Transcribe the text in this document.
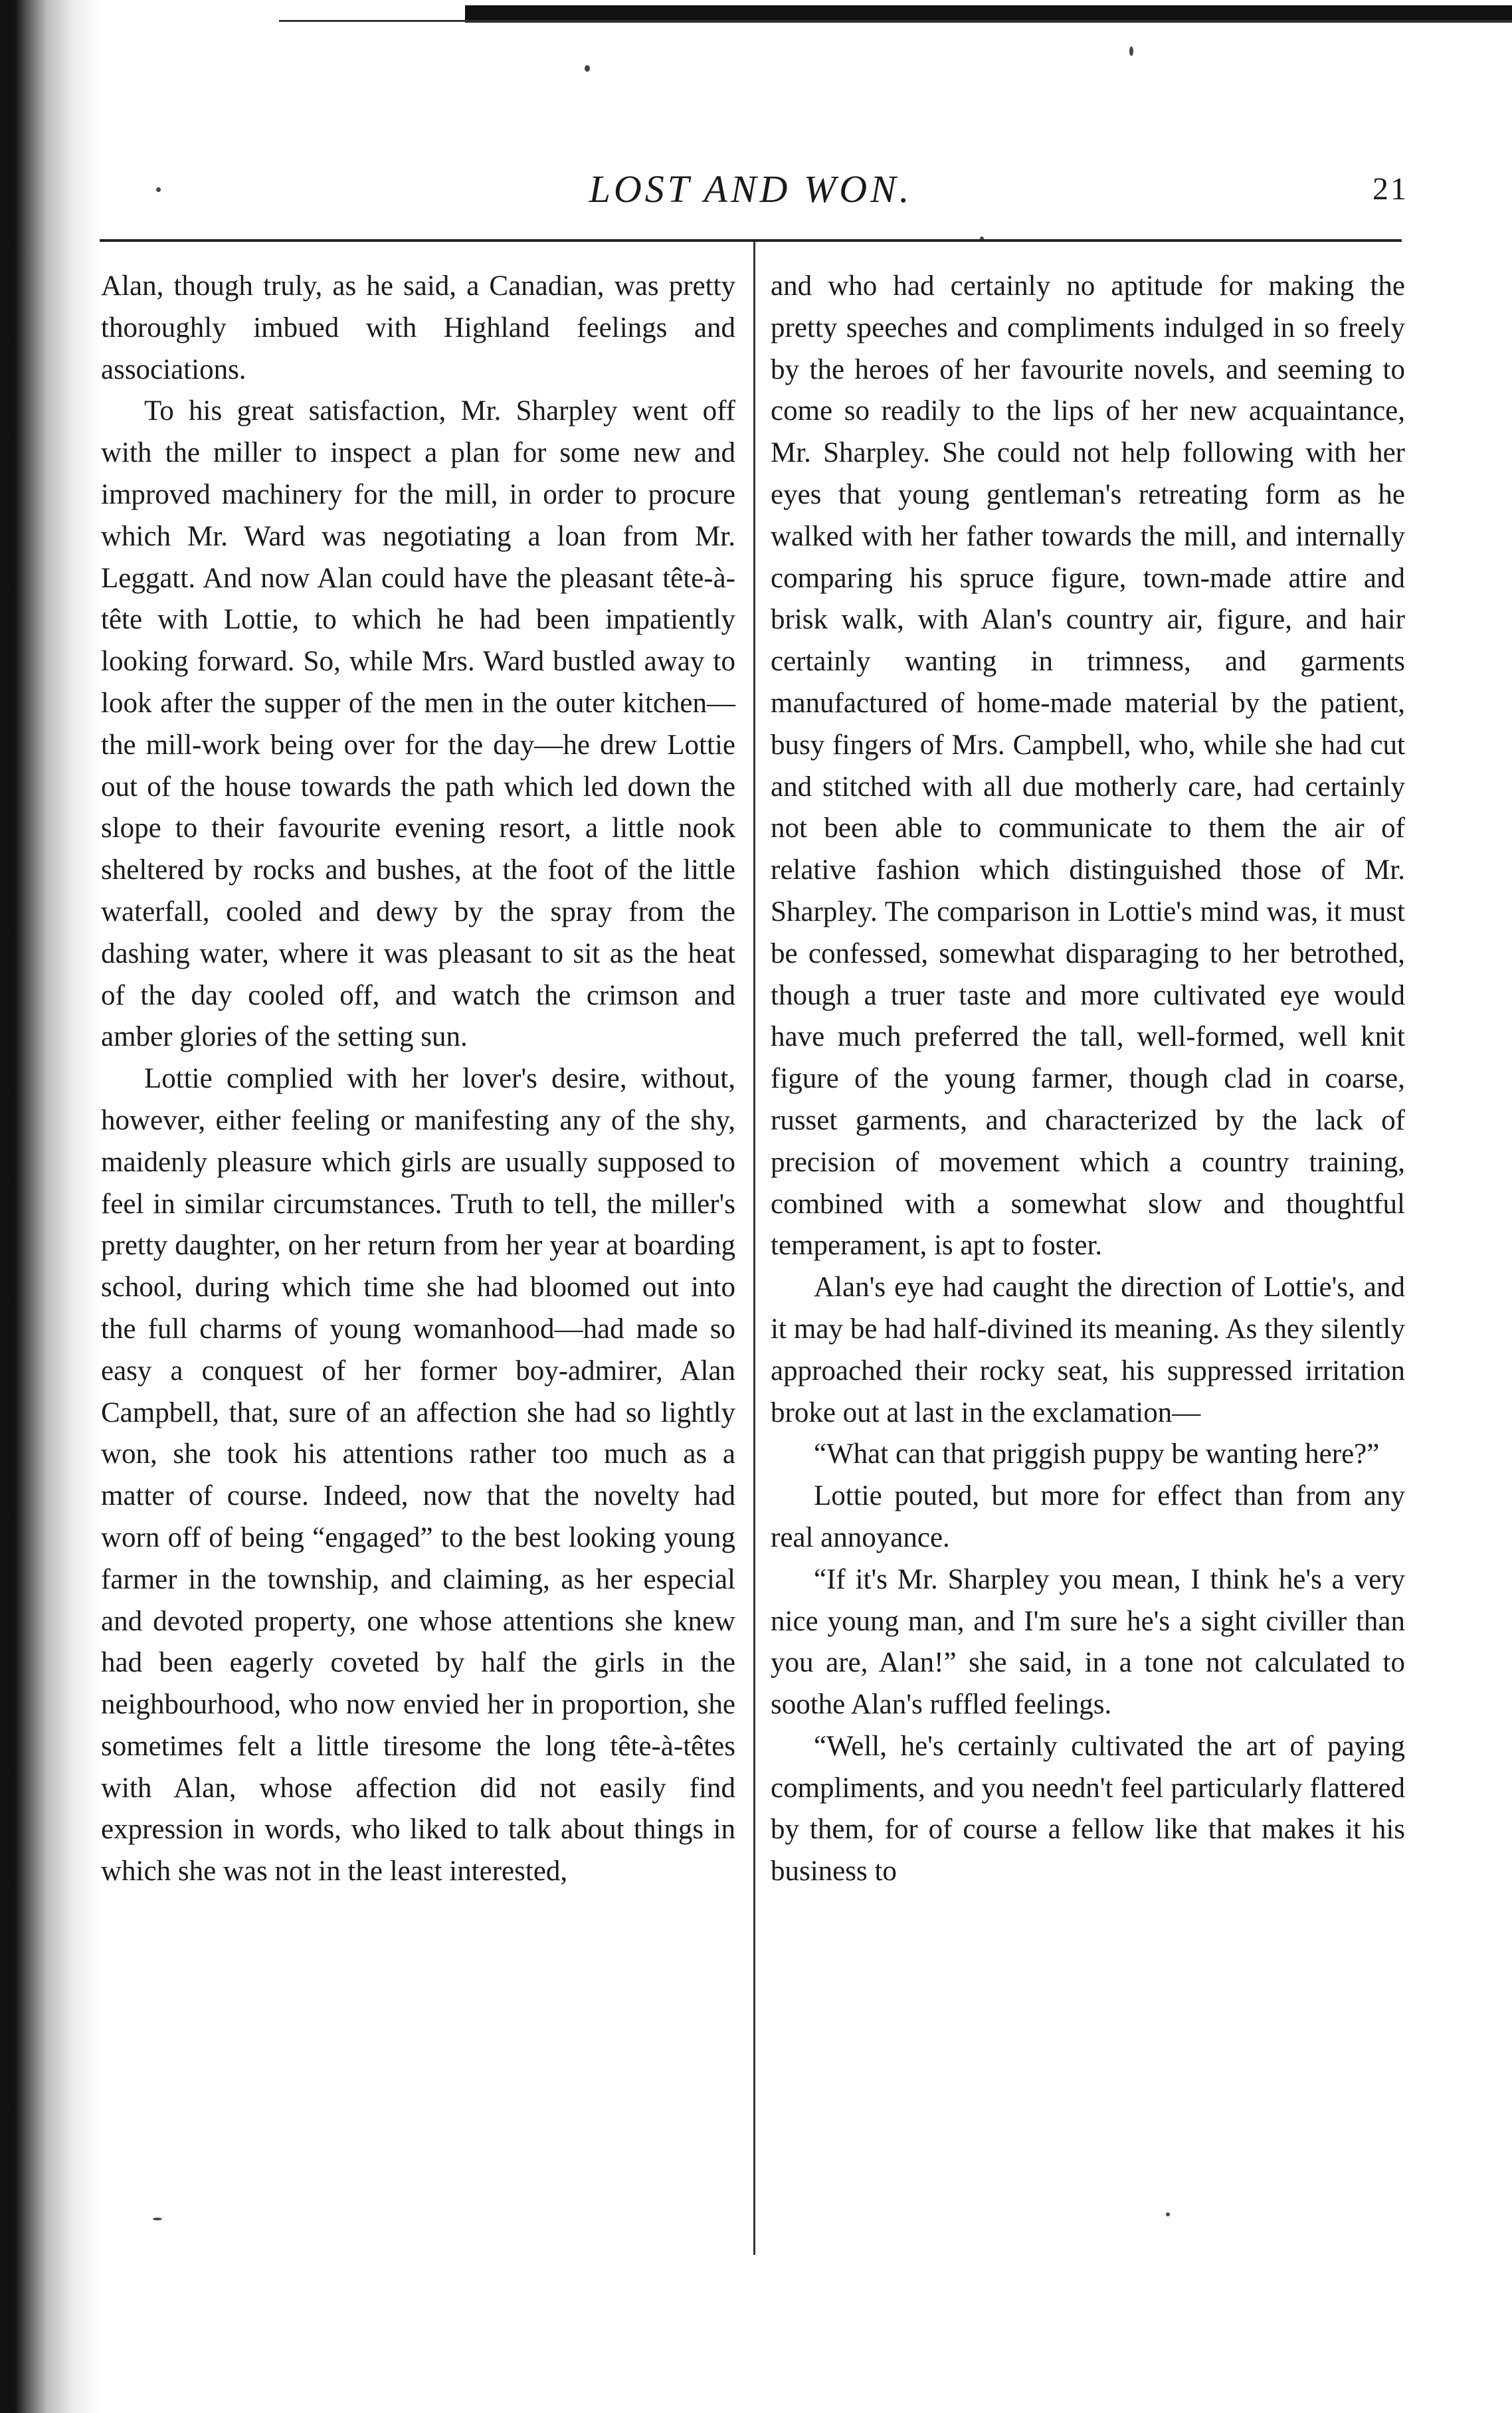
LOST AND WON.	21

Alan, though truly, as he said, a Canadian, was pretty thoroughly imbued with Highland feelings and associations.

To his great satisfaction, Mr. Sharpley went off with the miller to inspect a plan for some new and improved machinery for the mill, in order to procure which Mr. Ward was negotiating a loan from Mr. Leggatt. And now Alan could have the pleasant tête-à-tête with Lottie, to which he had been impatiently looking forward. So, while Mrs. Ward bustled away to look after the supper of the men in the outer kitchen—the mill-work being over for the day—he drew Lottie out of the house towards the path which led down the slope to their favourite evening resort, a little nook sheltered by rocks and bushes, at the foot of the little waterfall, cooled and dewy by the spray from the dashing water, where it was pleasant to sit as the heat of the day cooled off, and watch the crimson and amber glories of the setting sun.

Lottie complied with her lover's desire, without, however, either feeling or manifesting any of the shy, maidenly pleasure which girls are usually supposed to feel in similar circumstances. Truth to tell, the miller's pretty daughter, on her return from her year at boarding school, during which time she had bloomed out into the full charms of young womanhood—had made so easy a conquest of her former boy-admirer, Alan Campbell, that, sure of an affection she had so lightly won, she took his attentions rather too much as a matter of course. Indeed, now that the novelty had worn off of being “engaged” to the best looking young farmer in the township, and claiming, as her especial and devoted property, one whose attentions she knew had been eagerly coveted by half the girls in the neighbourhood, who now envied her in proportion, she sometimes felt a little tiresome the long tête-à-têtes with Alan, whose affection did not easily find expression in words, who liked to talk about things in which she was not in the least interested,

and who had certainly no aptitude for making the pretty speeches and compliments indulged in so freely by the heroes of her favourite novels, and seeming to come so readily to the lips of her new acquaintance, Mr. Sharpley. She could not help following with her eyes that young gentleman's retreating form as he walked with her father towards the mill, and internally comparing his spruce figure, town-made attire and brisk walk, with Alan's country air, figure, and hair certainly wanting in trimness, and garments manufactured of home-made material by the patient, busy fingers of Mrs. Campbell, who, while she had cut and stitched with all due motherly care, had certainly not been able to communicate to them the air of relative fashion which distinguished those of Mr. Sharpley. The comparison in Lottie's mind was, it must be confessed, somewhat disparaging to her betrothed, though a truer taste and more cultivated eye would have much preferred the tall, well-formed, well knit figure of the young farmer, though clad in coarse, russet garments, and characterized by the lack of precision of movement which a country training, combined with a somewhat slow and thoughtful temperament, is apt to foster.

Alan's eye had caught the direction of Lottie's, and it may be had half-divined its meaning. As they silently approached their rocky seat, his suppressed irritation broke out at last in the exclamation—

“What can that priggish puppy be wanting here?”

Lottie pouted, but more for effect than from any real annoyance.

“If it's Mr. Sharpley you mean, I think he's a very nice young man, and I'm sure he's a sight civiller than you are, Alan!” she said, in a tone not calculated to soothe Alan's ruffled feelings.

“Well, he's certainly cultivated the art of paying compliments, and you needn't feel particularly flattered by them, for of course a fellow like that makes it his business to
